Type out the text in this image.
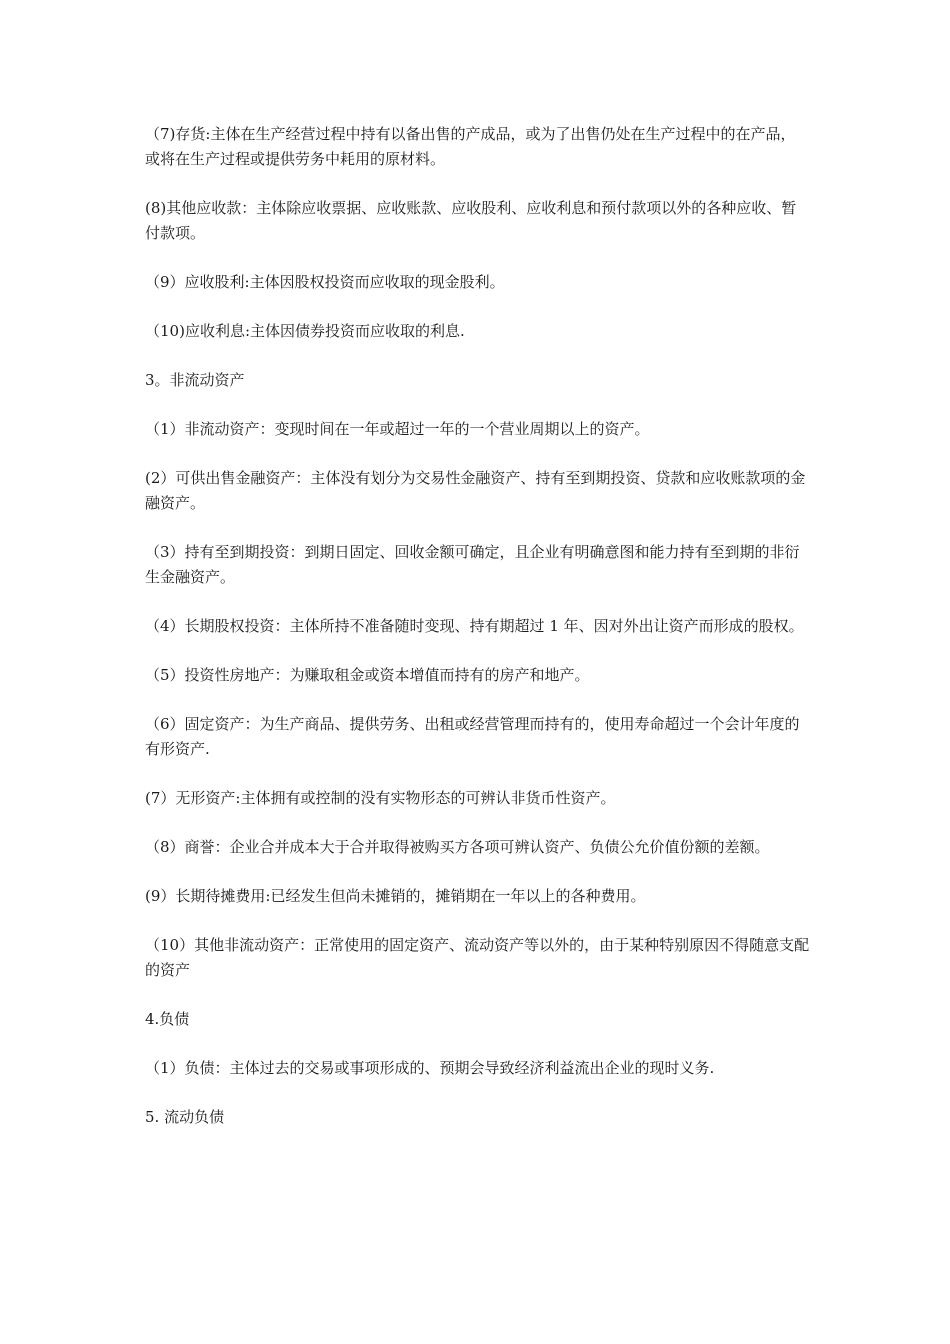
（7)存货:主体在生产经营过程中持有以备出售的产成品，或为了出售仍处在生产过程中的在产品，或将在生产过程或提供劳务中耗用的原材料。

(8)其他应收款：主体除应收票据、应收账款、应收股利、应收利息和预付款项以外的各种应收、暂付款项。

（9）应收股利:主体因股权投资而应收取的现金股利。

（10)应收利息:主体因债券投资而应收取的利息.

3。非流动资产

（1）非流动资产：变现时间在一年或超过一年的一个营业周期以上的资产。

(2）可供出售金融资产：主体没有划分为交易性金融资产、持有至到期投资、贷款和应收账款项的金融资产。

（3）持有至到期投资：到期日固定、回收金额可确定，且企业有明确意图和能力持有至到期的非衍生金融资产。

（4）长期股权投资：主体所持不准备随时变现、持有期超过 1 年、因对外出让资产而形成的股权。

（5）投资性房地产：为赚取租金或资本增值而持有的房产和地产。

（6）固定资产：为生产商品、提供劳务、出租或经营管理而持有的，使用寿命超过一个会计年度的有形资产.

(7）无形资产:主体拥有或控制的没有实物形态的可辨认非货币性资产。

（8）商誉：企业合并成本大于合并取得被购买方各项可辨认资产、负债公允价值份额的差额。

(9）长期待摊费用:已经发生但尚未摊销的，摊销期在一年以上的各种费用。

（10）其他非流动资产：正常使用的固定资产、流动资产等以外的，由于某种特别原因不得随意支配的资产

4.负债

（1）负债：主体过去的交易或事项形成的、预期会导致经济利益流出企业的现时义务.

5. 流动负债
